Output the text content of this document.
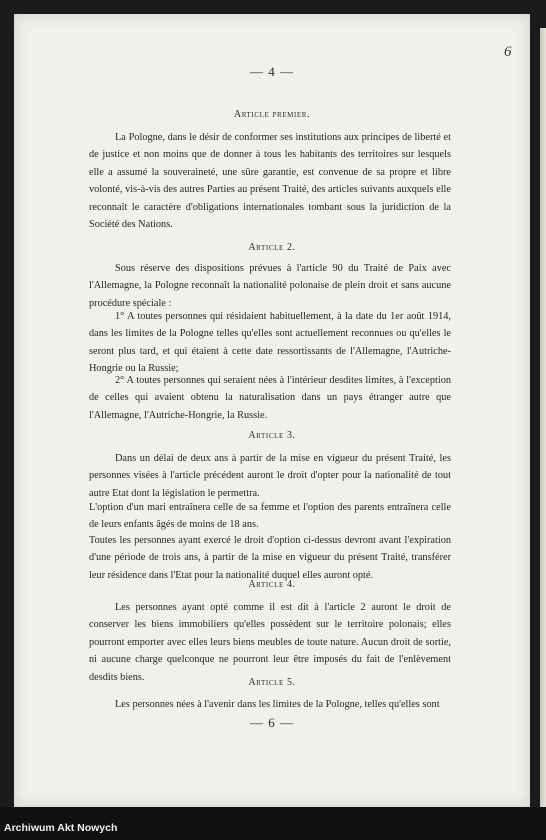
6
— 4 —
Article premier.
La Pologne, dans le désir de conformer ses institutions aux principes de liberté et de justice et non moins que de donner à tous les habitants des territoires sur lesquels elle a assumé la souveraineté, une sûre garantie, est convenue de sa propre et libre volonté, vis-à-vis des autres Parties au présent Traité, des articles suivants auxquels elle reconnaît le caractère d'obligations internationales tombant sous la juridiction de la Société des Nations.
Article 2.
Sous réserve des dispositions prévues à l'article 90 du Traité de Paix avec l'Allemagne, la Pologne reconnaît la nationalité polonaise de plein droit et sans aucune procédure spéciale :
1° A toutes personnes qui résidaient habituellement, à la date du 1er août 1914, dans les limites de la Pologne telles qu'elles sont actuellement reconnues ou qu'elles le seront plus tard, et qui étaient à cette date ressortissants de l'Allemagne, l'Autriche-Hongrie ou la Russie;
2° A toutes personnes qui seraient nées à l'intérieur desdites limites, à l'exception de celles qui avaient obtenu la naturalisation dans un pays étranger autre que l'Allemagne, l'Autriche-Hongrie, la Russie.
Article 3.
Dans un délai de deux ans à partir de la mise en vigueur du présent Traité, les personnes visées à l'article précédent auront le droit d'opter pour la nationalité de tout autre Etat dont la législation le permettra.
L'option d'un mari entraînera celle de sa femme et l'option des parents entraînera celle de leurs enfants âgés de moins de 18 ans.
Toutes les personnes ayant exercé le droit d'option ci-dessus devront avant l'expiration d'une période de trois ans, à partir de la mise en vigueur du présent Traité, transférer leur résidence dans l'Etat pour la nationalité duquel elles auront opté.
Article 4.
Les personnes ayant opté comme il est dit à l'article 2 auront le droit de conserver les biens immobiliers qu'elles possèdent sur le territoire polonais; elles pourront emporter avec elles leurs biens meubles de toute nature. Aucun droit de sortie, ni aucune charge quelconque ne pourront leur être imposés du fait de l'enlèvement desdits biens.	Article 5.
Les personnes nées à l'avenir dans les limites de la Pologne, telles qu'elles sont
— 6 —
Archiwum Akt Nowych
